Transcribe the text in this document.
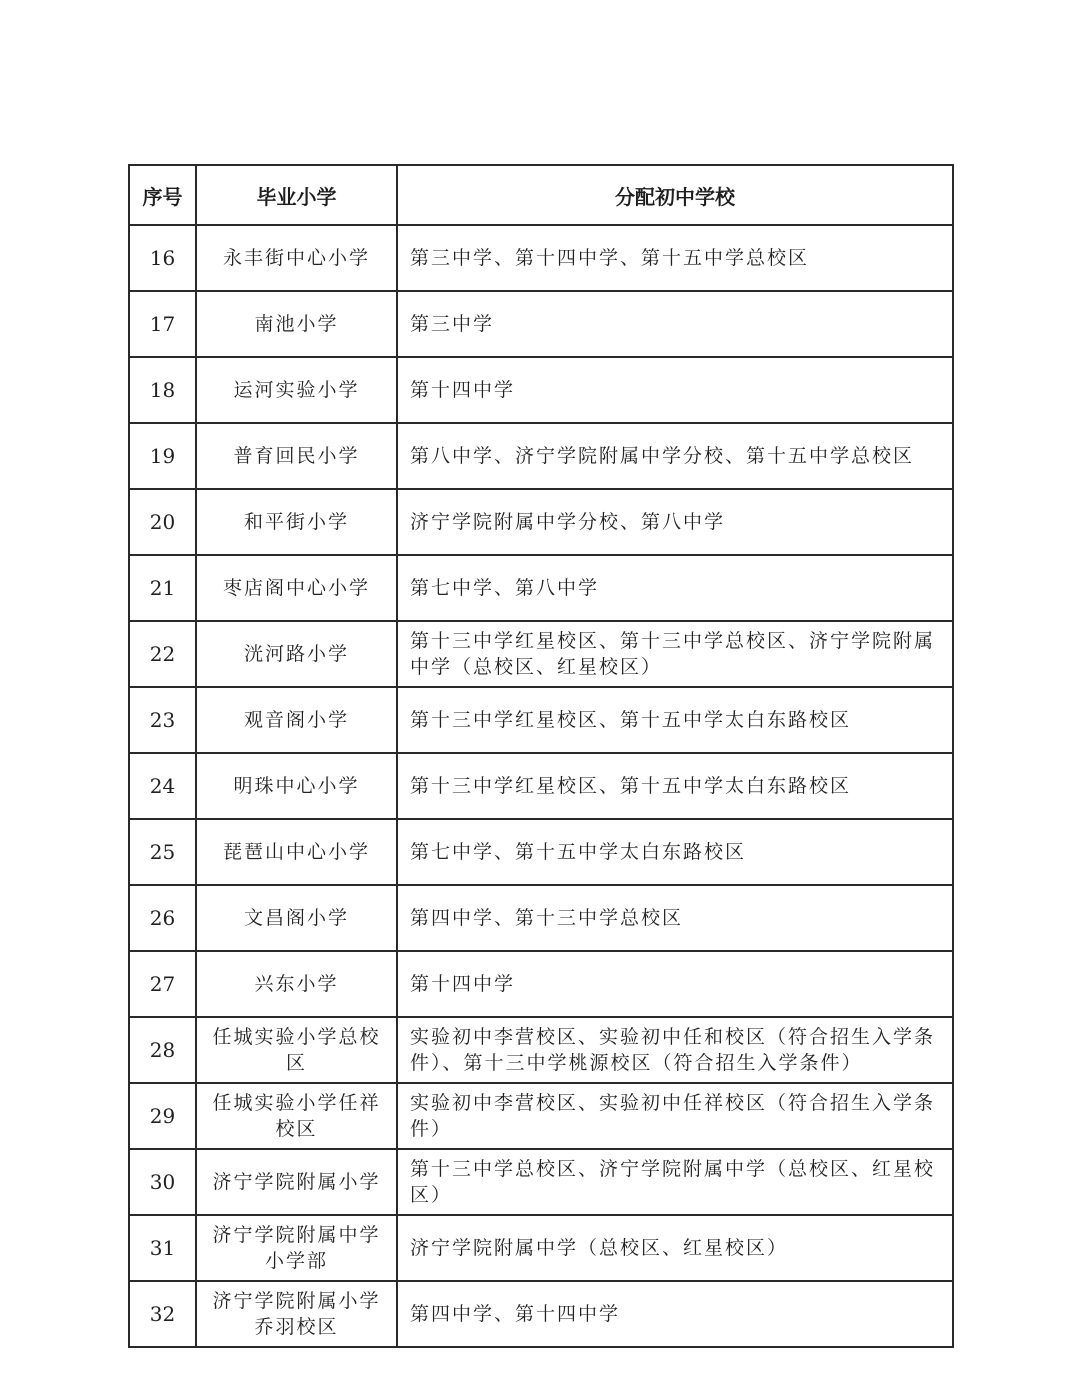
序号	毕业小学	分配初中学校
16	永丰街中心小学	第三中学、第十四中学、第十五中学总校区
17	南池小学	第三中学
18	运河实验小学	第十四中学
19	普育回民小学	第八中学、济宁学院附属中学分校、第十五中学总校区
20	和平街小学	济宁学院附属中学分校、第八中学
21	枣店阁中心小学	第七中学、第八中学
22	洸河路小学	第十三中学红星校区、第十三中学总校区、济宁学院附属中学（总校区、红星校区）
23	观音阁小学	第十三中学红星校区、第十五中学太白东路校区
24	明珠中心小学	第十三中学红星校区、第十五中学太白东路校区
25	琵琶山中心小学	第七中学、第十五中学太白东路校区
26	文昌阁小学	第四中学、第十三中学总校区
27	兴东小学	第十四中学
28	任城实验小学总校区	实验初中李营校区、实验初中任和校区（符合招生入学条件）、第十三中学桃源校区（符合招生入学条件）
29	任城实验小学任祥校区	实验初中李营校区、实验初中任祥校区（符合招生入学条件）
30	济宁学院附属小学	第十三中学总校区、济宁学院附属中学（总校区、红星校区）
31	济宁学院附属中学小学部	济宁学院附属中学（总校区、红星校区）
32	济宁学院附属小学乔羽校区	第四中学、第十四中学
